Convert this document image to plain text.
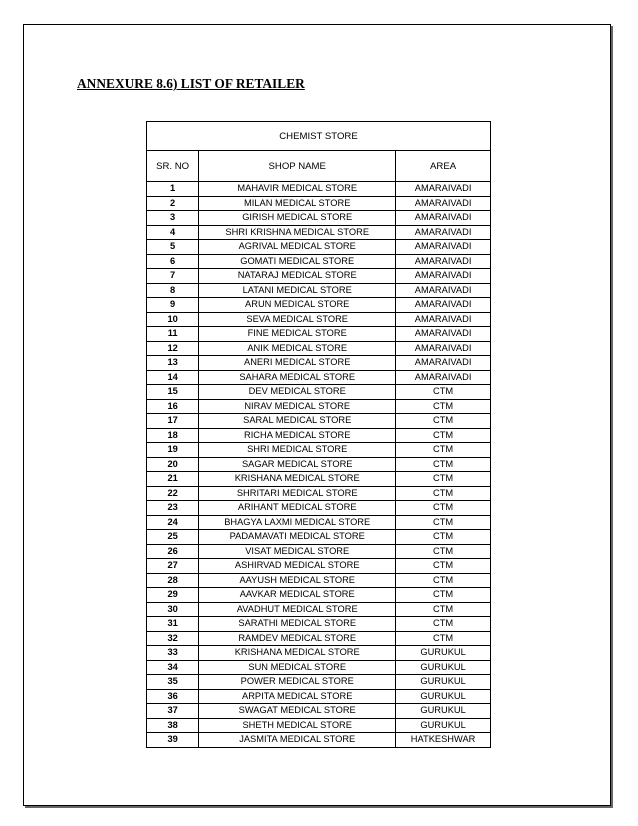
ANNEXURE 8.6) LIST OF RETAILER
CHEMIST STORE		
SR. NO	SHOP NAME	AREA
1	MAHAVIR MEDICAL STORE	AMARAIVADI
2	MILAN MEDICAL STORE	AMARAIVADI
3	GIRISH MEDICAL STORE	AMARAIVADI
4	SHRI KRISHNA MEDICAL STORE	AMARAIVADI
5	AGRIVAL MEDICAL STORE	AMARAIVADI
6	GOMATI MEDICAL STORE	AMARAIVADI
7	NATARAJ MEDICAL STORE	AMARAIVADI
8	LATANI MEDICAL STORE	AMARAIVADI
9	ARUN MEDICAL STORE	AMARAIVADI
10	SEVA MEDICAL STORE	AMARAIVADI
11	FINE MEDICAL STORE	AMARAIVADI
12	ANIK MEDICAL STORE	AMARAIVADI
13	ANERI MEDICAL STORE	AMARAIVADI
14	SAHARA MEDICAL STORE	AMARAIVADI
15	DEV MEDICAL STORE	CTM
16	NIRAV MEDICAL STORE	CTM
17	SARAL MEDICAL STORE	CTM
18	RICHA MEDICAL STORE	CTM
19	SHRI MEDICAL STORE	CTM
20	SAGAR MEDICAL STORE	CTM
21	KRISHANA MEDICAL STORE	CTM
22	SHRITARI MEDICAL STORE	CTM
23	ARIHANT MEDICAL STORE	CTM
24	BHAGYA LAXMI MEDICAL STORE	CTM
25	PADAMAVATI MEDICAL STORE	CTM
26	VISAT MEDICAL STORE	CTM
27	ASHIRVAD MEDICAL STORE	CTM
28	AAYUSH MEDICAL STORE	CTM
29	AAVKAR MEDICAL STORE	CTM
30	AVADHUT MEDICAL STORE	CTM
31	SARATHI MEDICAL STORE	CTM
32	RAMDEV MEDICAL STORE	CTM
33	KRISHANA MEDICAL STORE	GURUKUL
34	SUN MEDICAL STORE	GURUKUL
35	POWER MEDICAL STORE	GURUKUL
36	ARPITA MEDICAL STORE	GURUKUL
37	SWAGAT MEDICAL STORE	GURUKUL
38	SHETH MEDICAL STORE	GURUKUL
39	JASMITA MEDICAL STORE	HATKESHWAR
